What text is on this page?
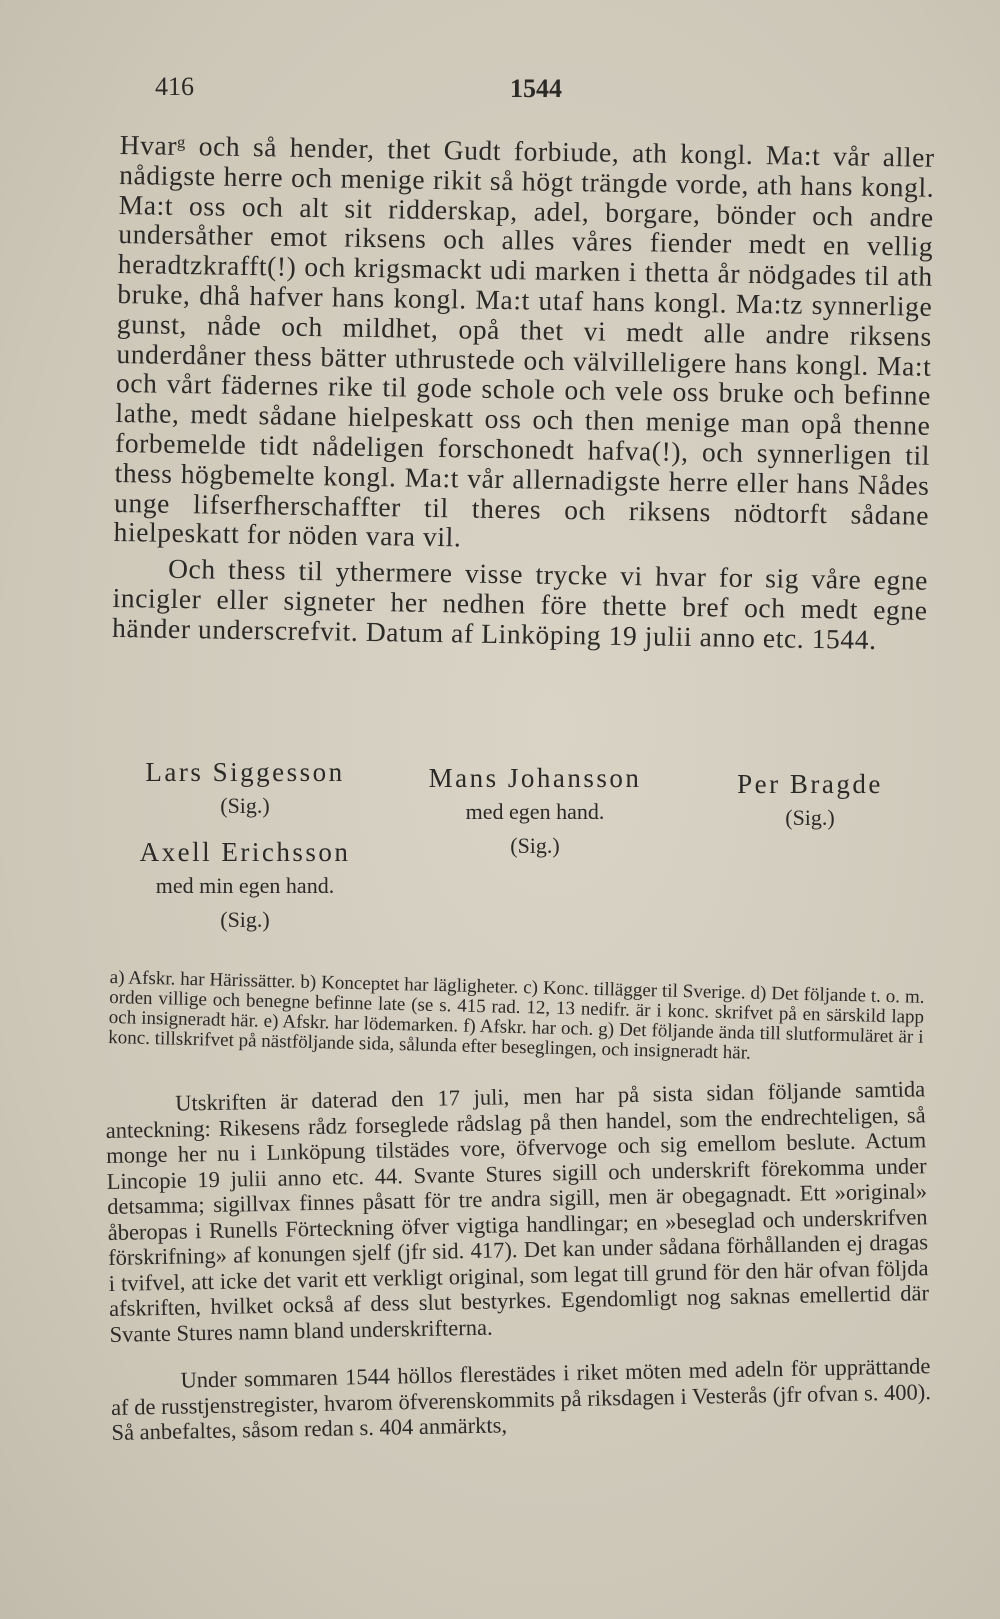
416	1544

Hvarᵍ och så hender, thet Gudt forbiude, ath kongl. Ma:t vår aller nådigste herre och menige rikit så högt trängde vorde, ath hans kongl. Ma:t oss och alt sit ridderskap, adel, borgare, bönder och andre undersåther emot riksens och alles våres fiender medt en vellig heradtzkrafft(!) och krigsmackt udi marken i thetta år nödgades til ath bruke, dhå hafver hans kongl. Ma:t utaf hans kongl. Ma:tz synnerlige gunst, nåde och mildhet, opå thet vi medt alle andre riksens underdåner thess bätter uthrustede och välvilleligere hans kongl. Ma:t och vårt fädernes rike til gode schole och vele oss bruke och befinne lathe, medt sådane hielpeskatt oss och then menige man opå thenne forbemelde tidt nådeligen forschonedt hafva(!), och synnerligen til thess högbemelte kongl. Ma:t vår allernadigste herre eller hans Nådes unge lifserfherschaffter til theres och riksens nödtorft sådane hielpeskatt for nöden vara vil.

Och thess til ythermere visse trycke vi hvar for sig våre egne incigler eller signeter her nedhen före thette bref och medt egne händer underscrefvit. Datum af Linköping 19 julii anno etc. 1544.

Lars Siggesson
(Sig.)
Mans Johansson
med egen hand.
(Sig.)
Per Bragde
(Sig.)
Axell Erichsson
med min egen hand.
(Sig.)

a) Afskr. har Härissätter. b) Konceptet har lägligheter. c) Konc. tillägger til Sverige. d) Det följande t. o. m. orden villige och benegne befinne late (se s. 415 rad. 12, 13 nedifr. är i konc. skrifvet på en särskild lapp och insigneradt här. e) Afskr. har lödemarken. f) Afskr. har och. g) Det följande ända till slutformuläret är i konc. tillskrifvet på nästföljande sida, sålunda efter beseglingen, och insigneradt här.

Utskriften är daterad den 17 juli, men har på sista sidan följande samtida anteckning: Rikesens rådz forseglede rådslag på then handel, som the endrechteligen, så monge her nu i Lınköpung tilstädes vore, öfvervoge och sig emellom beslute. Actum Lincopie 19 julii anno etc. 44. Svante Stures sigill och underskrift förekomma under detsamma; sigillvax finnes påsatt för tre andra sigill, men är obegagnadt. Ett »original» åberopas i Runells Förteckning öfver vigtiga handlingar; en »beseglad och underskrifven förskrifning» af konungen sjelf (jfr sid. 417). Det kan under sådana förhållanden ej dragas i tvifvel, att icke det varit ett verkligt original, som legat till grund för den här ofvan följda afskriften, hvilket också af dess slut bestyrkes. Egendomligt nog saknas emellertid där Svante Stures namn bland underskrifterna.

Under sommaren 1544 höllos flerestädes i riket möten med adeln för upprättande af de russtjenstregister, hvarom öfverenskommits på riksdagen i Vesterås (jfr ofvan s. 400). Så anbefaltes, såsom redan s. 404 anmärkts,
